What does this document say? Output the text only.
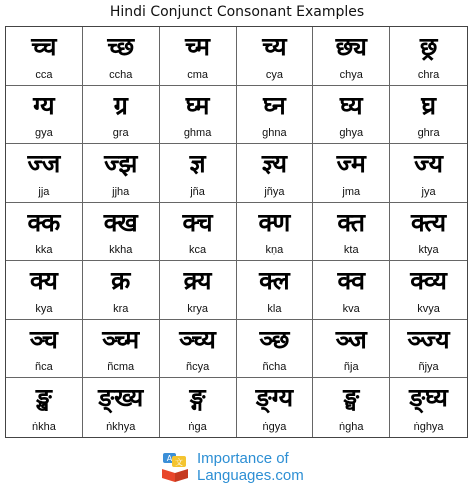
Hindi Conjunct Consonant Examples
च्च
cca
च्छ
ccha
च्म
cma
च्य
cya
छ्य
chya
छ्र
chra
ग्य
gya
ग्र
gra
घ्म
ghma
घ्न
ghna
घ्य
ghya
घ्र
ghra
ज्ज
jja
ज्झ
jjha
ज्ञ
jña
ज्ञ्य
jñya
ज्म
jma
ज्य
jya
क्क
kka
क्ख
kkha
क्च
kca
क्ण
kṇa
क्त
kta
क्त्य
ktya
क्य
kya
क्र
kra
क्र्य
krya
क्ल
kla
क्व
kva
क्व्य
kvya
ञ्च
ñca
ञ्च्म
ñcma
ञ्च्य
ñcya
ञ्छ
ñcha
ञ्ज
ñja
ञ्ज्य
ñjya
ङ्ख
ṅkha
ङ्ख्य
ṅkhya
ङ्ग
ṅga
ङ्ग्य
ṅgya
ङ्घ
ṅgha
ङ्घ्य
ṅghya
A 文 Importance of
Languages.com
